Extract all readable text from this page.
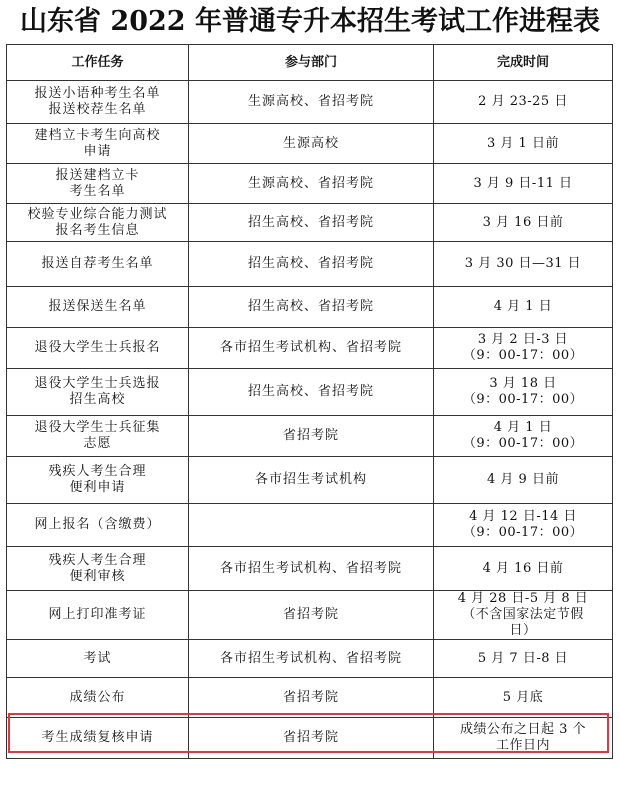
山东省 2022 年普通专升本招生考试工作进程表
工作任务	参与部门	完成时间

报送小语种考生名单
报送校荐生名单	生源高校、省招考院	2 月 23-25 日

建档立卡考生向高校
申请	生源高校	3 月 1 日前

报送建档立卡
考生名单	生源高校、省招考院	3 月 9 日-11 日

校验专业综合能力测试
报名考生信息	招生高校、省招考院	3 月 16 日前

报送自荐考生名单	招生高校、省招考院	3 月 30 日—31 日

报送保送生名单	招生高校、省招考院	4 月 1 日

退役大学生士兵报名	各市招生考试机构、省招考院	3 月 2 日-3 日
（9：00-17：00）

退役大学生士兵选报
招生高校	招生高校、省招考院	3 月 18 日
（9：00-17：00）

退役大学生士兵征集
志愿	省招考院	4 月 1 日
（9：00-17：00）

残疾人考生合理
便利申请	各市招生考试机构	4 月 9 日前

网上报名（含缴费）		4 月 12 日-14 日
（9：00-17：00）

残疾人考生合理
便利审核	各市招生考试机构、省招考院	4 月 16 日前

网上打印准考证	省招考院	4 月 28 日-5 月 8 日
（不含国家法定节假
日）

考试	各市招生考试机构、省招考院	5 月 7 日-8 日

成绩公布	省招考院	5 月底

考生成绩复核申请	省招考院	成绩公布之日起 3 个
工作日内
